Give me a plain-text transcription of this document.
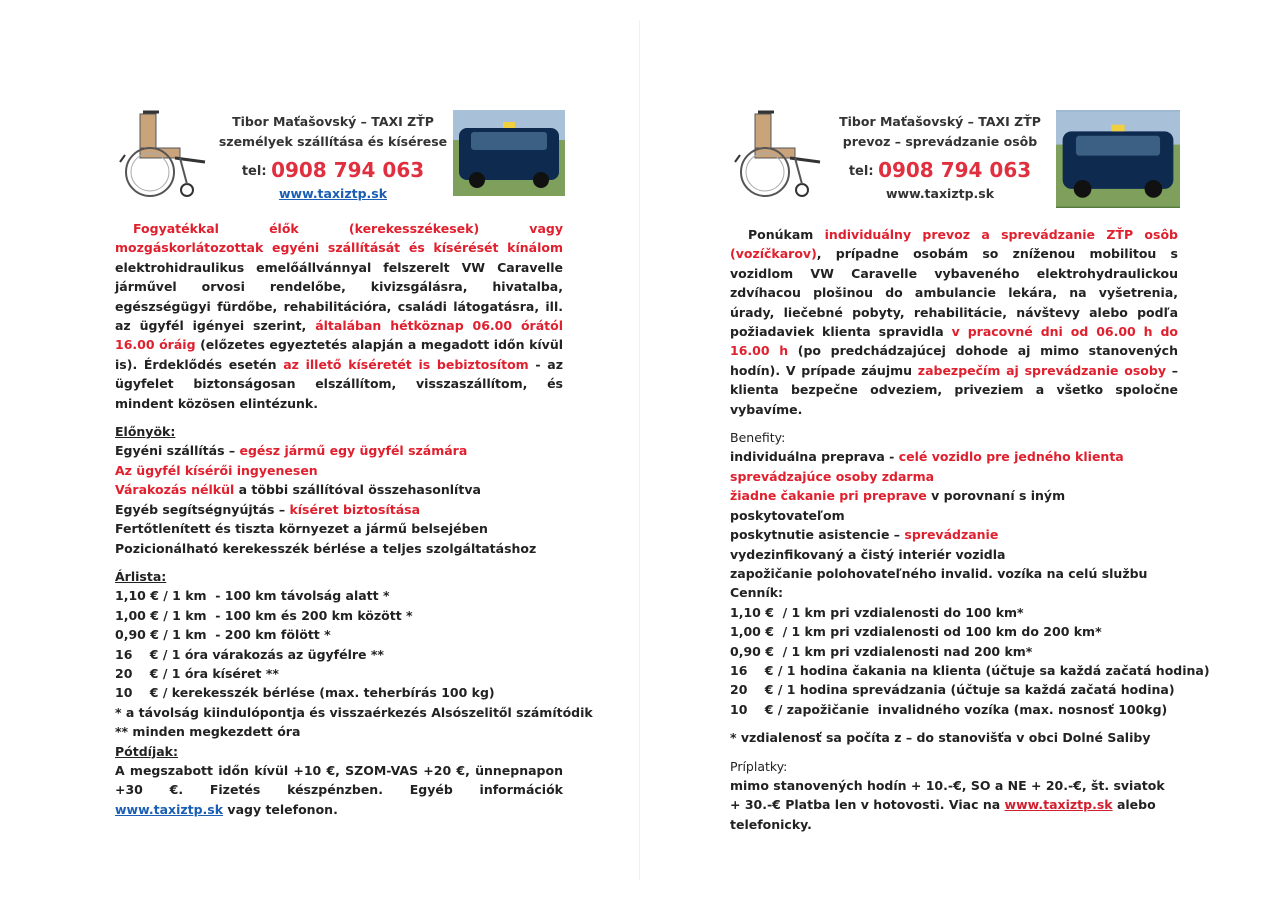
Tibor Maťašovský – TAXI ZŤP
személyek szállítása és kísérese
tel: 0908 794 063
www.taxiztp.sk

Fogyatékkal élők (kerekesszékesek) vagy mozgáskorlátozottak egyéni szállítását és kísérését kínálom elektrohidraulikus emelőállvánnyal felszerelt VW Caravelle járművel orvosi rendelőbe, kivizsgálásra, hivatalba, egészségügyi fürdőbe, rehabilitációra, családi látogatásra, ill. az ügyfél igényei szerint, általában hétköznap 06.00 órától 16.00 óráig (előzetes egyeztetés alapján a megadott időn kívül is). Érdeklődés esetén az illető kíséretét is bebiztosítom - az ügyfelet biztonságosan elszállítom, visszaszállítom, és mindent közösen elintézunk.

Előnyök:
Egyéni szállítás – egész jármű egy ügyfél számára
Az ügyfél kísérői ingyenesen
Várakozás nélkül a többi szállítóval összehasonlítva
Egyéb segítségnyújtás – kíséret biztosítása
Fertőtlenített és tiszta környezet a jármű belsejében
Pozicionálható kerekesszék bérlése a teljes szolgáltatáshoz
Árlista:
1,10 € / 1 km  - 100 km távolság alatt *
1,00 € / 1 km  - 100 km és 200 km között *
0,90 € / 1 km  - 200 km fölött *
16    € / 1 óra várakozás az ügyfélre **
20    € / 1 óra kíséret **
10    € / kerekesszék bérlése (max. teherbírás 100 kg)
* a távolság kiindulópontja és visszaérkezés Alsószelitől számítódik
** minden megkezdett óra
Pótdíjak:

A megszabott időn kívül +10 €, SZOM-VAS +20 €, ünnepnapon +30 €. Fizetés készpénzben. Egyéb információk www.taxiztp.sk vagy telefonon.

Tibor Maťašovský – TAXI ZŤP
prevoz – sprevádzanie osôb
tel: 0908 794 063
www.taxiztp.sk

Ponúkam individuálny prevoz a sprevádzanie ZŤP osôb (vozíčkarov), prípadne osobám so zníženou mobilitou s vozidlom VW Caravelle vybaveného elektrohydraulickou zdvíhacou plošinou do ambulancie lekára, na vyšetrenia, úrady, liečebné pobyty, rehabilitácie, návštevy alebo podľa požiadaviek klienta spravidla v pracovné dni od 06.00 h do 16.00 h (po predchádzajúcej dohode aj mimo stanovených hodín). V prípade záujmu zabezpečím aj sprevádzanie osoby – klienta bezpečne odveziem, priveziem a všetko spoločne vybavíme.

Benefity:
individuálna preprava - celé vozidlo pre jedného klienta
sprevádzajúce osoby zdarma
žiadne čakanie pri preprave v porovnaní s iným poskytovateľom
poskytnutie asistencie – sprevádzanie
vydezinfikovaný a čistý interiér vozidla
zapožičanie polohovateľného invalid. vozíka na celú službu
Cenník:
1,10 €  / 1 km pri vzdialenosti do 100 km*
1,00 €  / 1 km pri vzdialenosti od 100 km do 200 km*
0,90 €  / 1 km pri vzdialenosti nad 200 km*
16    € / 1 hodina čakania na klienta (účtuje sa každá začatá hodina)
20    € / 1 hodina sprevádzania (účtuje sa každá začatá hodina)
10    € / zapožičanie  invalidného vozíka (max. nosnosť 100kg)
* vzdialenosť sa počíta z – do stanovišťa v obci Dolné Saliby
Príplatky:

mimo stanovených hodín + 10.-€, SO a NE + 20.-€, št. sviatok + 30.-€ Platba len v hotovosti. Viac na www.taxiztp.sk alebo telefonicky.
